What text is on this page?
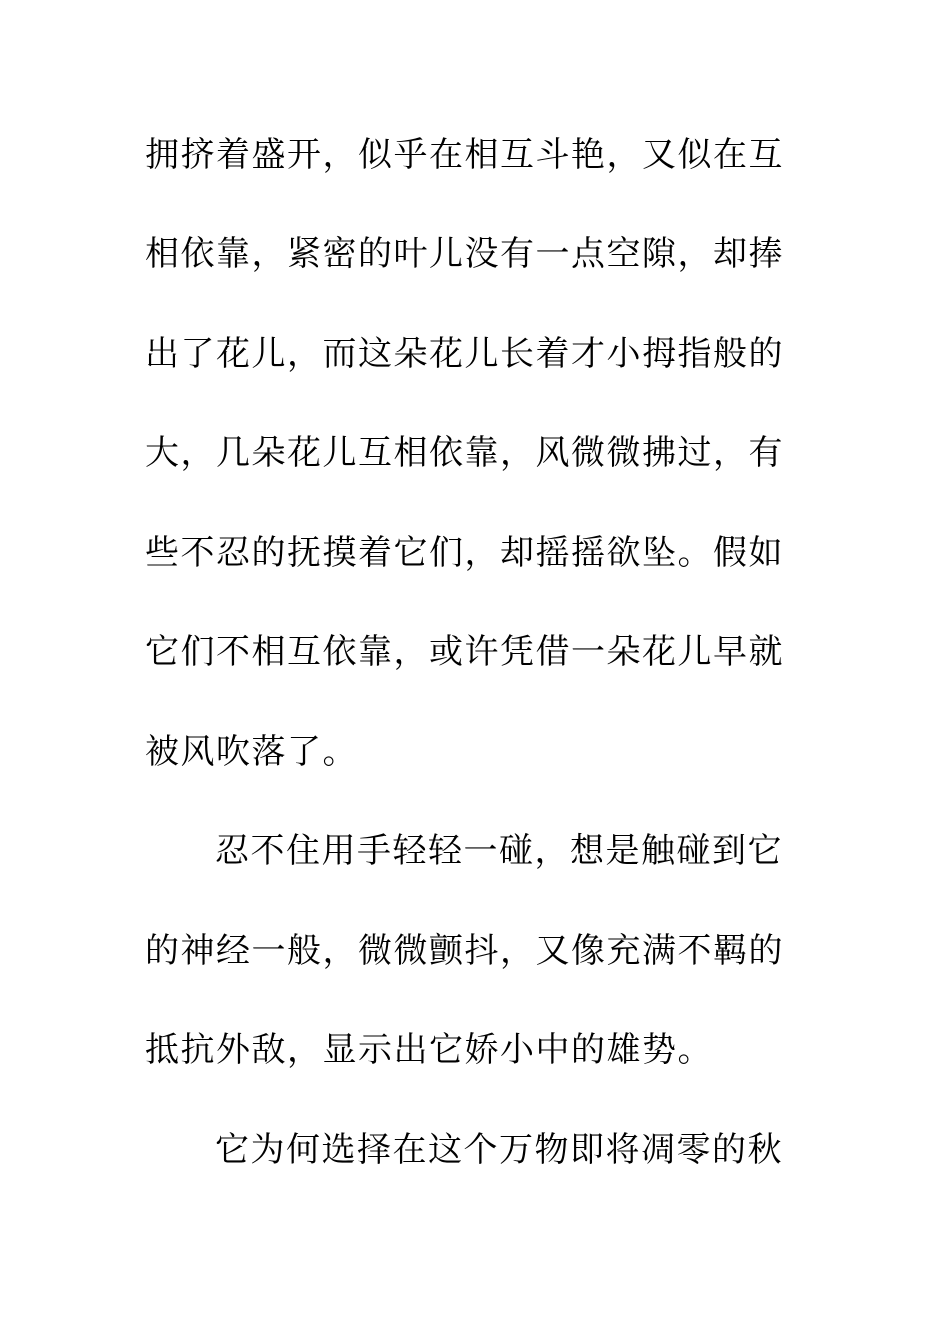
拥挤着盛开，似乎在相互斗艳，又似在互
相依靠，紧密的叶儿没有一点空隙，却捧
出了花儿，而这朵花儿长着才小拇指般的
大，几朵花儿互相依靠，风微微拂过，有
些不忍的抚摸着它们，却摇摇欲坠。假如
它们不相互依靠，或许凭借一朵花儿早就
被风吹落了。
忍不住用手轻轻一碰，想是触碰到它
的神经一般，微微颤抖，又像充满不羁的
抵抗外敌，显示出它娇小中的雄势。
它为何选择在这个万物即将凋零的秋
